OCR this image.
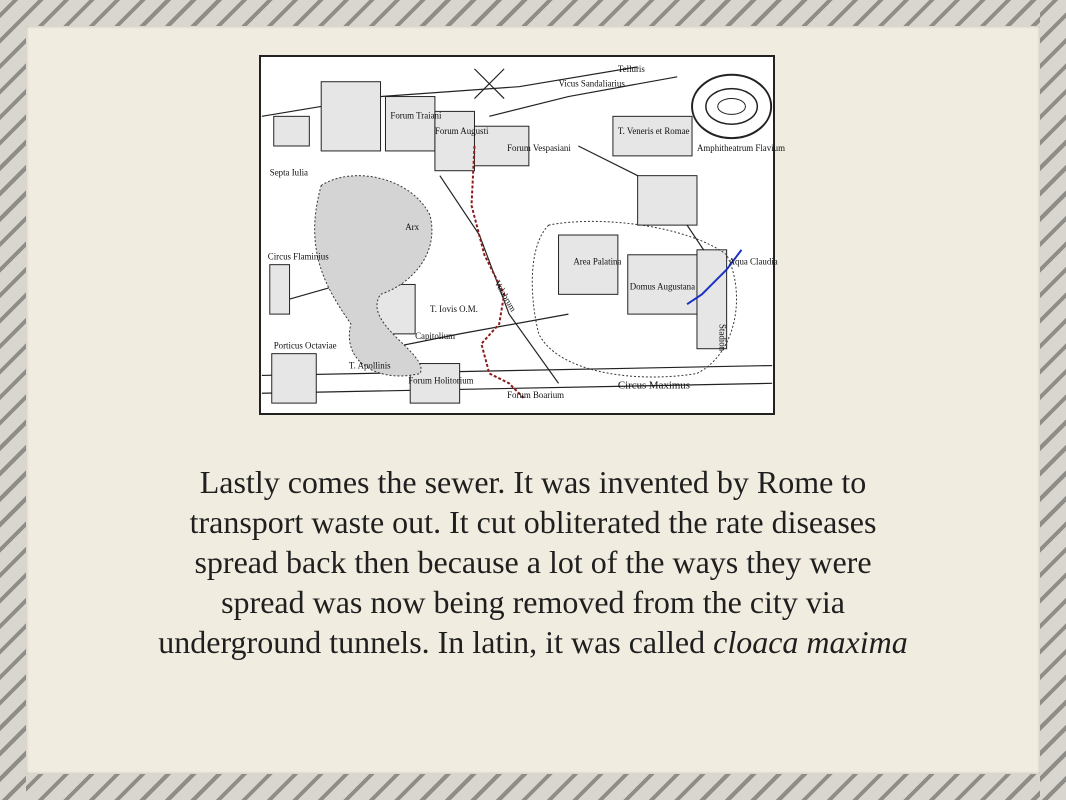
Forum Traiani
Forum Augusti
Forum Vespasiani	Amphitheatrum Flavium
T. Veneris et Romae
Arx
Area Palatina
Domus Augustana
Stadion
Velabrum
T. Iovis O.M.
Capitolium
T. Apollinis
Forum Holitorium
Porticus Octaviae
Circus Flaminius
Septa Iulia
Vicus Sandaliarius
Telluris
Aqua Claudia
Forum Boarium
Circus Maximus
Lastly comes the sewer. It was invented by Rome to
transport waste out. It cut obliterated the rate diseases
spread back then because a lot of the ways they were
spread was now being removed from the city via
underground tunnels. In latin, it was called cloaca maxima
